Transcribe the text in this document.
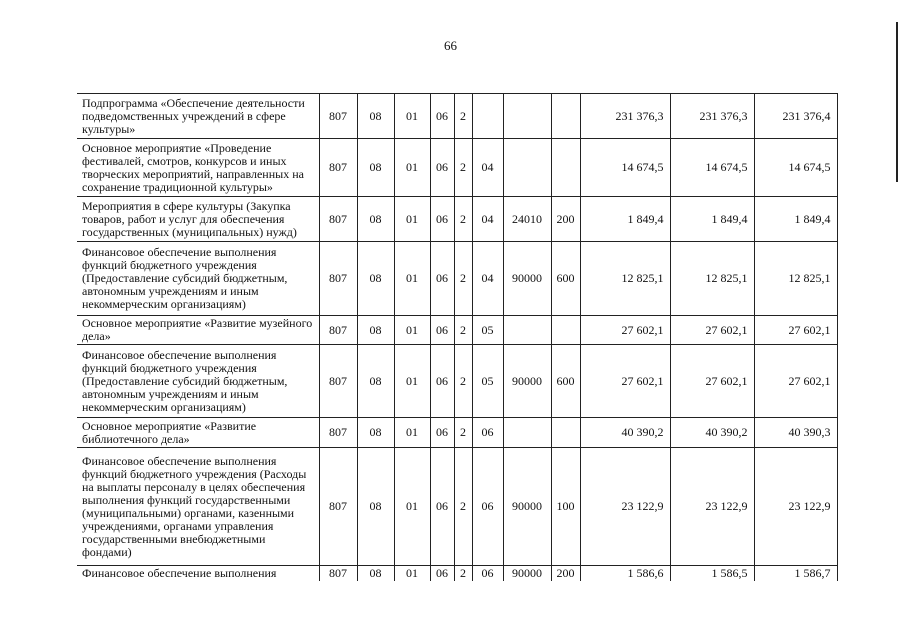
66
Подпрограмма «Обеспечение деятельности подведомственных учреждений в сфере культуры»	807	08	01	06	2				231 376,3	231 376,3	231 376,4
Основное мероприятие «Проведение фестивалей, смотров, конкурсов и иных творческих мероприятий, направленных на сохранение традиционной культуры»	807	08	01	06	2	04			14 674,5	14 674,5	14 674,5
Мероприятия в сфере культуры (Закупка товаров, работ и услуг для обеспечения государственных (муниципальных) нужд)	807	08	01	06	2	04	24010	200	1 849,4	1 849,4	1 849,4
Финансовое обеспечение выполнения функций бюджетного учреждения (Предоставление субсидий бюджетным, автономным учреждениям и иным некоммерческим организациям)	807	08	01	06	2	04	90000	600	12 825,1	12 825,1	12 825,1
Основное мероприятие «Развитие музейного дела»	807	08	01	06	2	05			27 602,1	27 602,1	27 602,1
Финансовое обеспечение выполнения функций бюджетного учреждения (Предоставление субсидий бюджетным, автономным учреждениям и иным некоммерческим организациям)	807	08	01	06	2	05	90000	600	27 602,1	27 602,1	27 602,1
Основное мероприятие «Развитие библиотечного дела»	807	08	01	06	2	06			40 390,2	40 390,2	40 390,3
Финансовое обеспечение выполнения функций бюджетного учреждения (Расходы на выплаты персоналу в целях обеспечения выполнения функций государственными (муниципальными) органами, казенными учреждениями, органами управления государственными внебюджетными фондами)	807	08	01	06	2	06	90000	100	23 122,9	23 122,9	23 122,9
Финансовое обеспечение выполнения	807	08	01	06	2	06	90000	200	1 586,6	1 586,5	1 586,7
